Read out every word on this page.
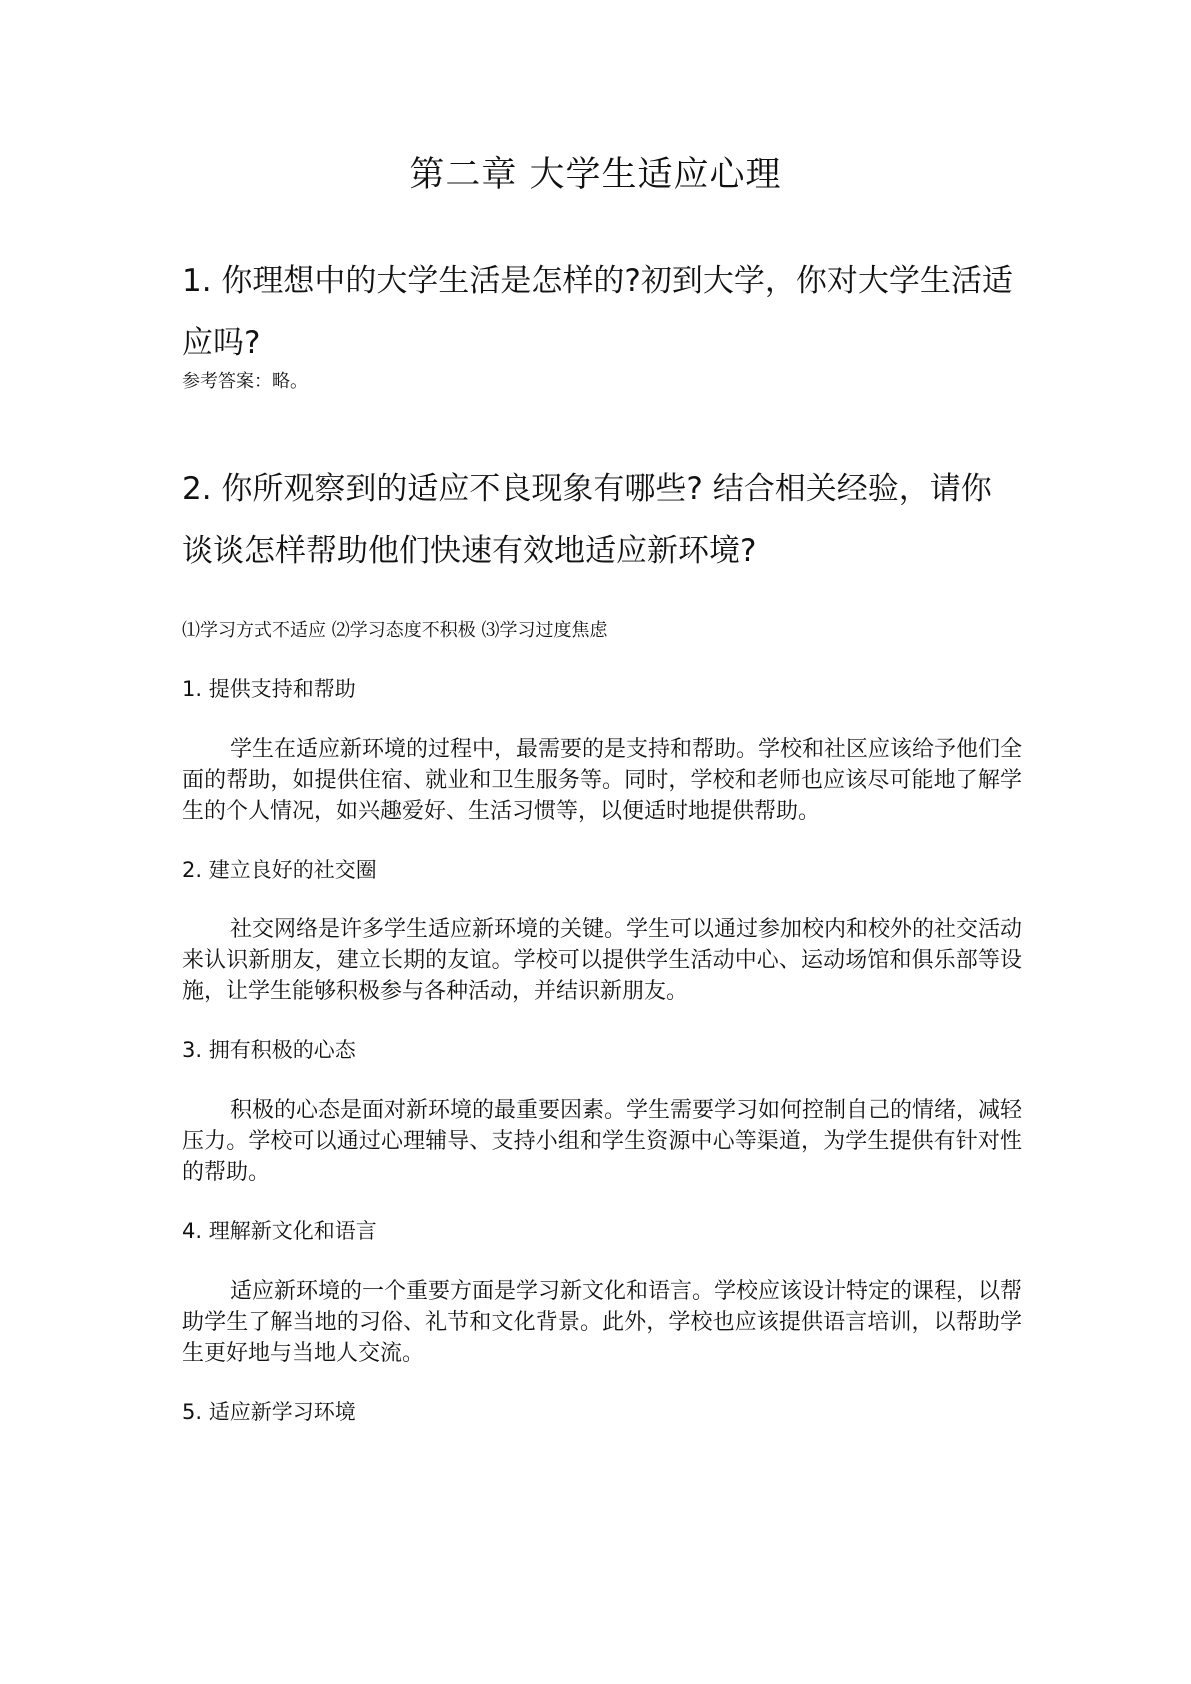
第二章 大学生适应心理
1. 你理想中的大学生活是怎样的?初到大学，你对大学生活适应吗?

参考答案：略。

2. 你所观察到的适应不良现象有哪些? 结合相关经验，请你谈谈怎样帮助他们快速有效地适应新环境?

⑴学习方式不适应 ⑵学习态度不积极 ⑶学习过度焦虑

1. 提供支持和帮助

学生在适应新环境的过程中，最需要的是支持和帮助。学校和社区应该给予他们全面的帮助，如提供住宿、就业和卫生服务等。同时，学校和老师也应该尽可能地了解学生的个人情况，如兴趣爱好、生活习惯等，以便适时地提供帮助。

2. 建立良好的社交圈

社交网络是许多学生适应新环境的关键。学生可以通过参加校内和校外的社交活动来认识新朋友，建立长期的友谊。学校可以提供学生活动中心、运动场馆和俱乐部等设施，让学生能够积极参与各种活动，并结识新朋友。

3. 拥有积极的心态

积极的心态是面对新环境的最重要因素。学生需要学习如何控制自己的情绪，减轻压力。学校可以通过心理辅导、支持小组和学生资源中心等渠道，为学生提供有针对性的帮助。

4. 理解新文化和语言

适应新环境的一个重要方面是学习新文化和语言。学校应该设计特定的课程，以帮助学生了解当地的习俗、礼节和文化背景。此外，学校也应该提供语言培训，以帮助学生更好地与当地人交流。

5. 适应新学习环境
